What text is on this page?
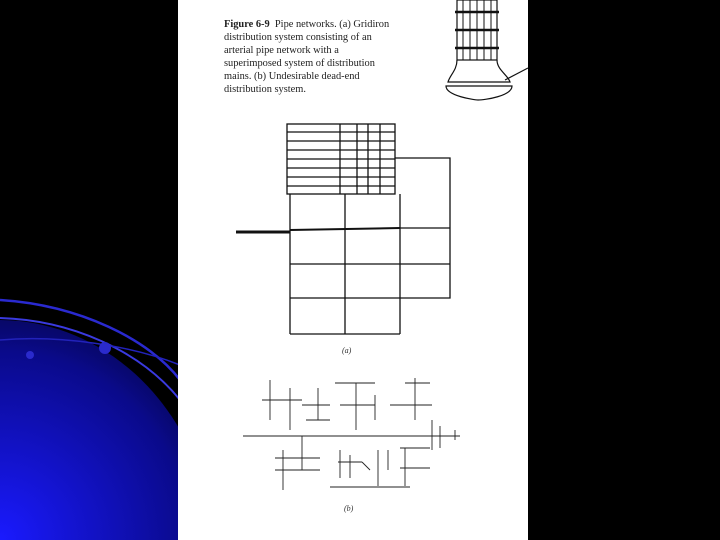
Figure 6-9 Pipe networks. (a) Gridiron distribution system consisting of an arterial pipe network with a superimposed system of distribution mains. (b) Undesirable dead-end distribution system.
(a)
(b)
